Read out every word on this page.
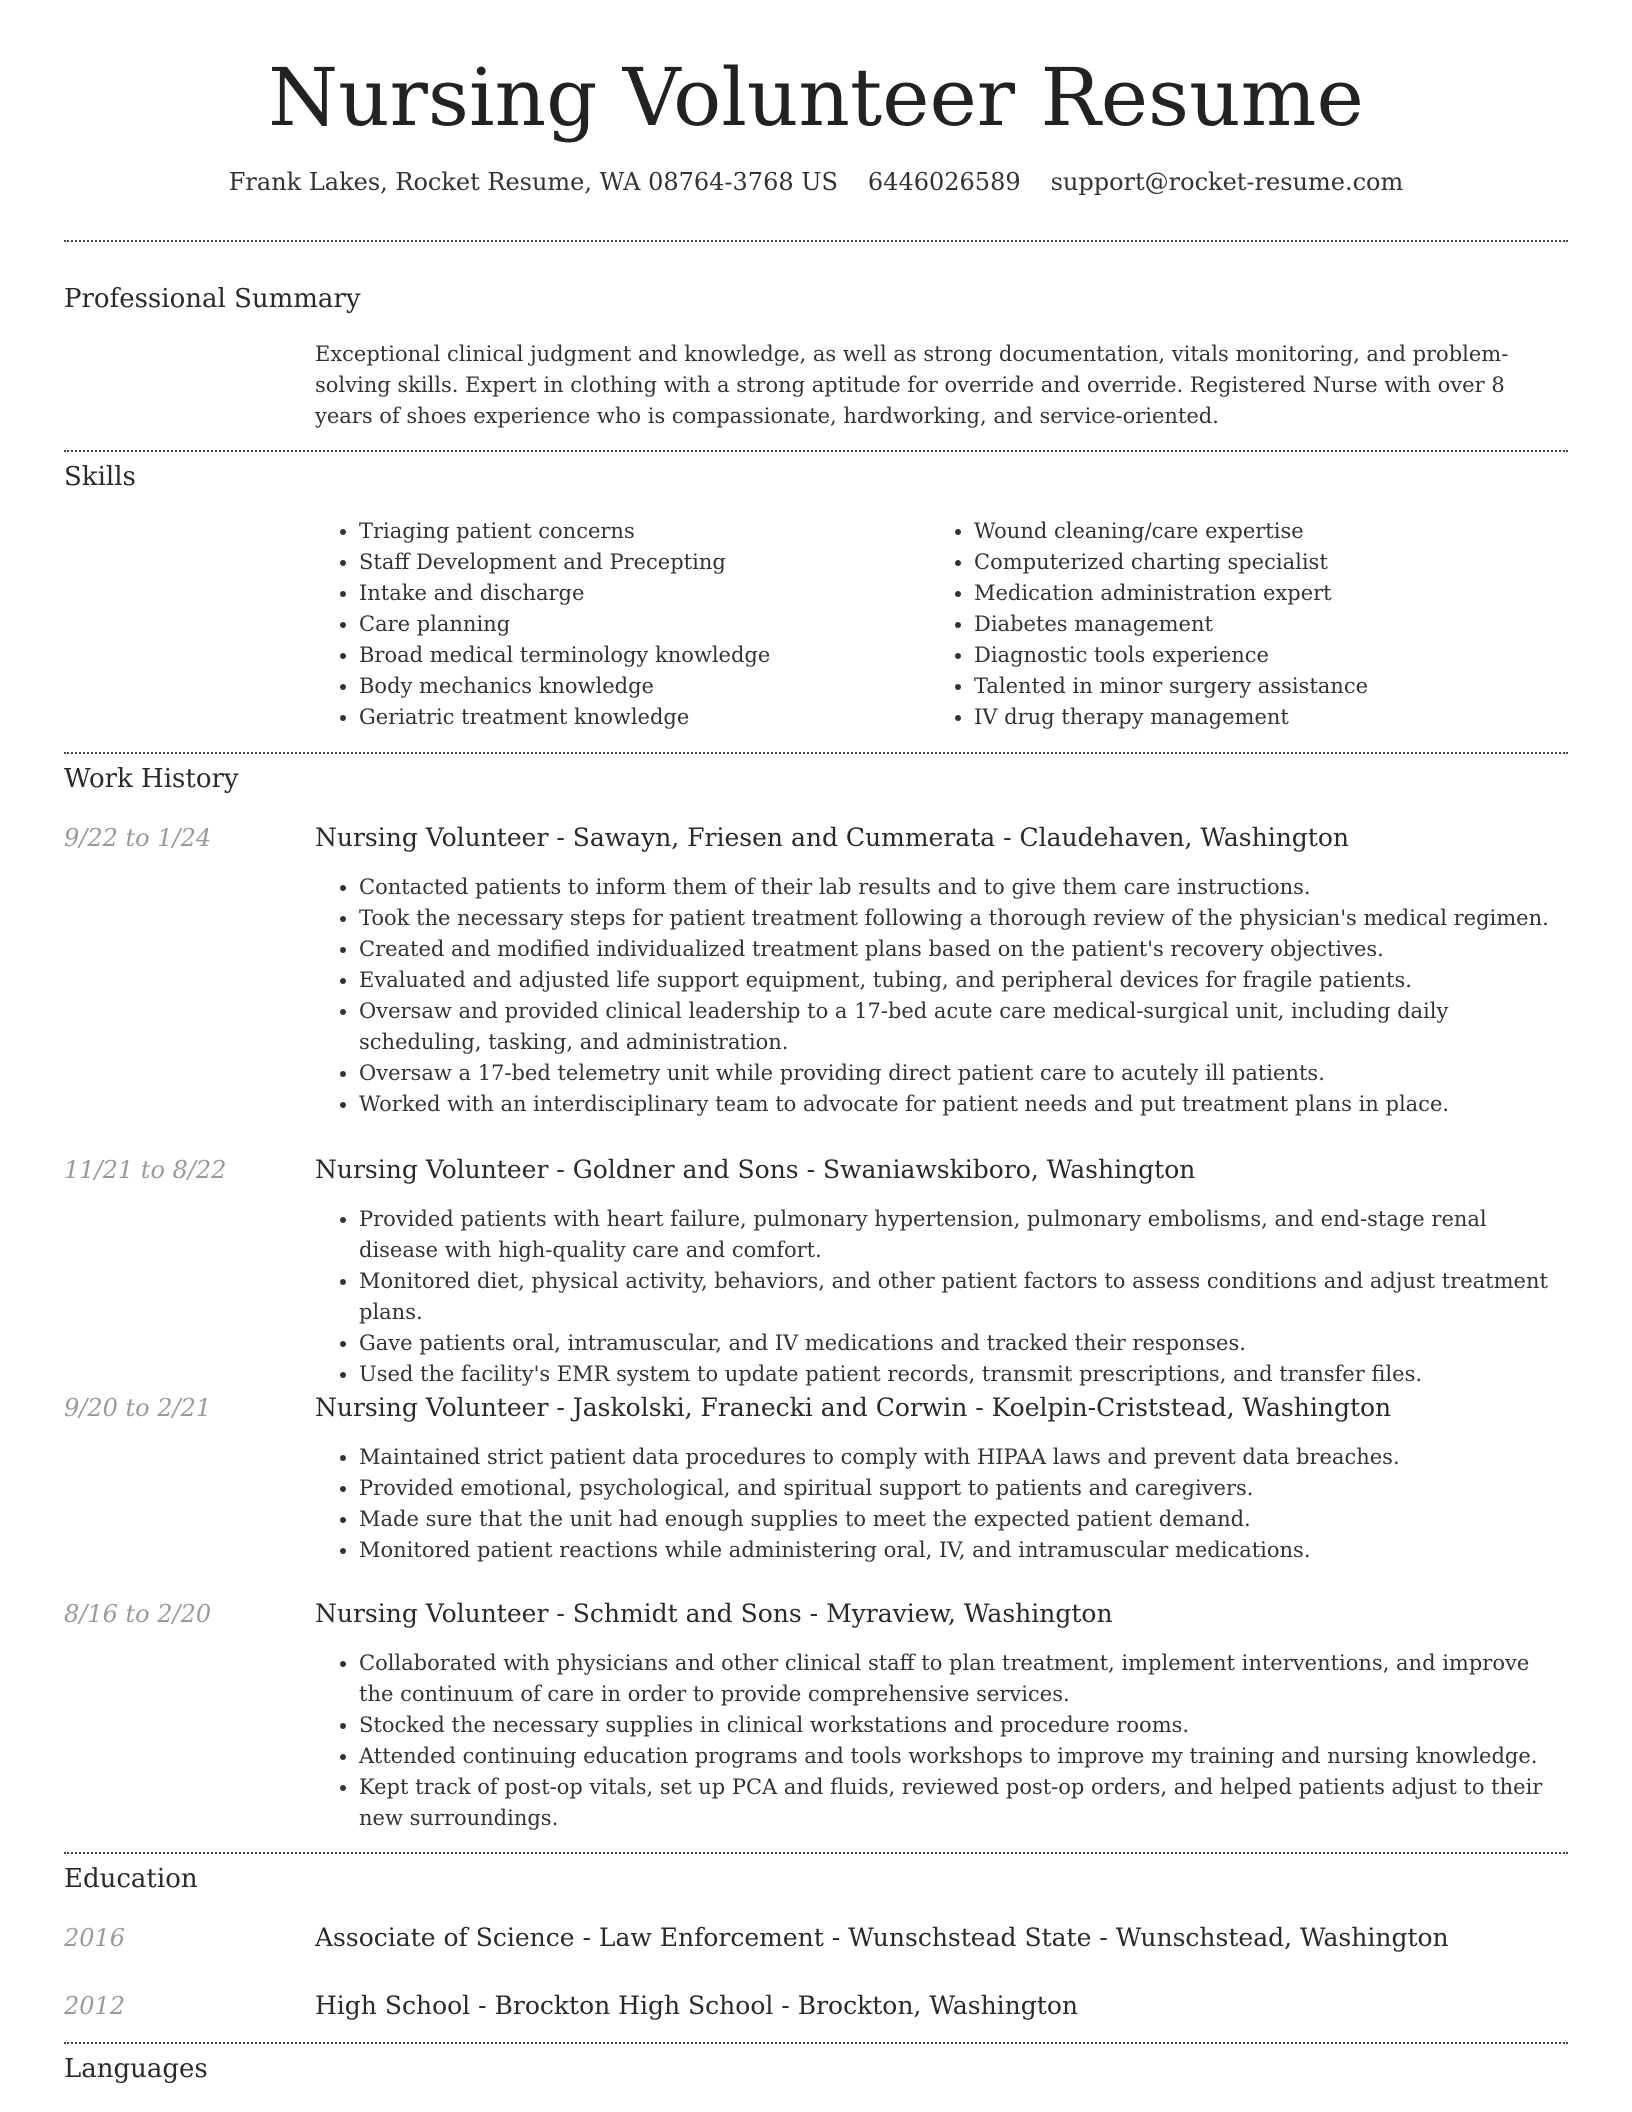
Nursing Volunteer Resume
Frank Lakes, Rocket Resume, WA 08764-3768 US 6446026589 support@rocket-resume.com
Professional Summary
Exceptional clinical judgment and knowledge, as well as strong documentation, vitals monitoring, and problem-solving skills. Expert in clothing with a strong aptitude for override and override. Registered Nurse with over 8 years of shoes experience who is compassionate, hardworking, and service-oriented.
Skills
• Triaging patient concerns
• Staff Development and Precepting
• Intake and discharge
• Care planning
• Broad medical terminology knowledge
• Body mechanics knowledge
• Geriatric treatment knowledge
• Wound cleaning/care expertise
• Computerized charting specialist
• Medication administration expert
• Diabetes management
• Diagnostic tools experience
• Talented in minor surgery assistance
• IV drug therapy management
Work History
9/22 to 1/24	Nursing Volunteer - Sawayn, Friesen and Cummerata - Claudehaven, Washington
• Contacted patients to inform them of their lab results and to give them care instructions.
• Took the necessary steps for patient treatment following a thorough review of the physician's medical regimen.
• Created and modified individualized treatment plans based on the patient's recovery objectives.
• Evaluated and adjusted life support equipment, tubing, and peripheral devices for fragile patients.
• Oversaw and provided clinical leadership to a 17-bed acute care medical-surgical unit, including daily scheduling, tasking, and administration.
• Oversaw a 17-bed telemetry unit while providing direct patient care to acutely ill patients.
• Worked with an interdisciplinary team to advocate for patient needs and put treatment plans in place.
11/21 to 8/22	Nursing Volunteer - Goldner and Sons - Swaniawskiboro, Washington
• Provided patients with heart failure, pulmonary hypertension, pulmonary embolisms, and end-stage renal disease with high-quality care and comfort.
• Monitored diet, physical activity, behaviors, and other patient factors to assess conditions and adjust treatment plans.
• Gave patients oral, intramuscular, and IV medications and tracked their responses.
• Used the facility's EMR system to update patient records, transmit prescriptions, and transfer files.
9/20 to 2/21	Nursing Volunteer - Jaskolski, Franecki and Corwin - Koelpin-Criststead, Washington
• Maintained strict patient data procedures to comply with HIPAA laws and prevent data breaches.
• Provided emotional, psychological, and spiritual support to patients and caregivers.
• Made sure that the unit had enough supplies to meet the expected patient demand.
• Monitored patient reactions while administering oral, IV, and intramuscular medications.
8/16 to 2/20	Nursing Volunteer - Schmidt and Sons - Myraview, Washington
• Collaborated with physicians and other clinical staff to plan treatment, implement interventions, and improve the continuum of care in order to provide comprehensive services.
• Stocked the necessary supplies in clinical workstations and procedure rooms.
• Attended continuing education programs and tools workshops to improve my training and nursing knowledge.
• Kept track of post-op vitals, set up PCA and fluids, reviewed post-op orders, and helped patients adjust to their new surroundings.
Education
2016	Associate of Science - Law Enforcement - Wunschstead State - Wunschstead, Washington
2012	High School - Brockton High School - Brockton, Washington
Languages
